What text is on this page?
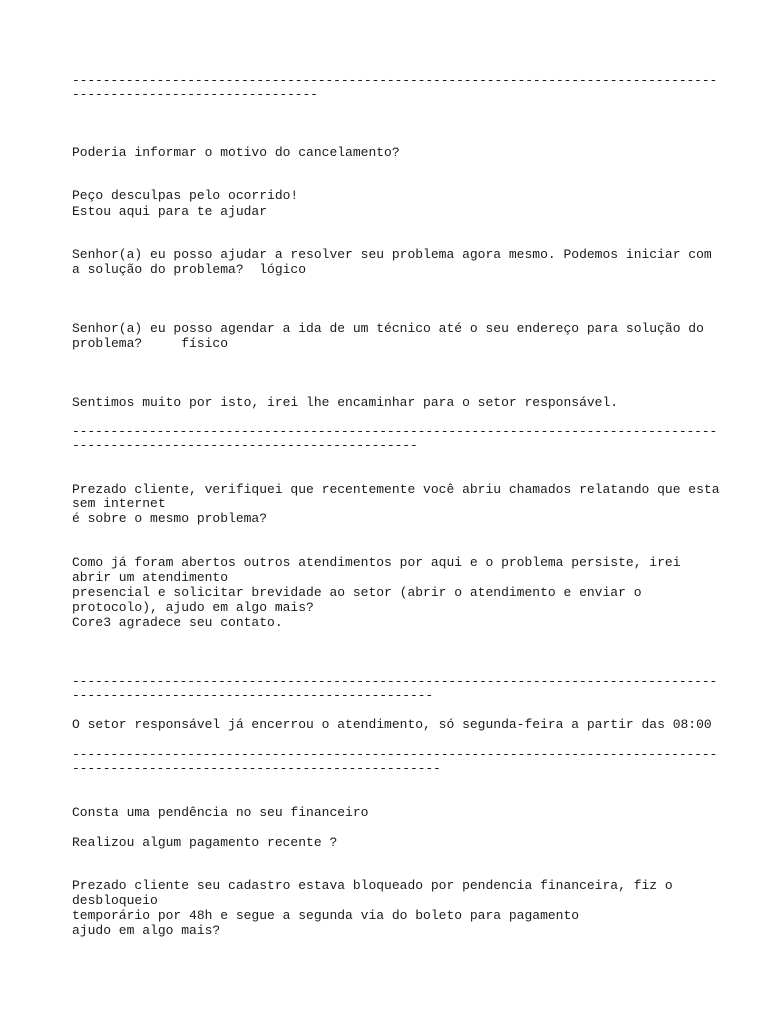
------------------------------------------------------------------------------------

--------------------------------

Poderia informar o motivo do cancelamento?

Peço desculpas pelo ocorrido!

Estou aqui para te ajudar

Senhor(a) eu posso ajudar a resolver seu problema agora mesmo. Podemos iniciar com

a solução do problema?  lógico

Senhor(a) eu posso agendar a ida de um técnico até o seu endereço para solução do

problema?     físico

Sentimos muito por isto, irei lhe encaminhar para o setor responsável.

------------------------------------------------------------------------------------

---------------------------------------------

Prezado cliente, verifiquei que recentemente você abriu chamados relatando que esta

sem internet

é sobre o mesmo problema?

Como já foram abertos outros atendimentos por aqui e o problema persiste, irei

abrir um atendimento

presencial e solicitar brevidade ao setor (abrir o atendimento e enviar o

protocolo), ajudo em algo mais?

Core3 agradece seu contato.

------------------------------------------------------------------------------------

-----------------------------------------------

O setor responsável já encerrou o atendimento, só segunda-feira a partir das 08:00

------------------------------------------------------------------------------------

------------------------------------------------

Consta uma pendência no seu financeiro

Realizou algum pagamento recente ?

Prezado cliente seu cadastro estava bloqueado por pendencia financeira, fiz o

desbloqueio

temporário por 48h e segue a segunda via do boleto para pagamento

ajudo em algo mais?
